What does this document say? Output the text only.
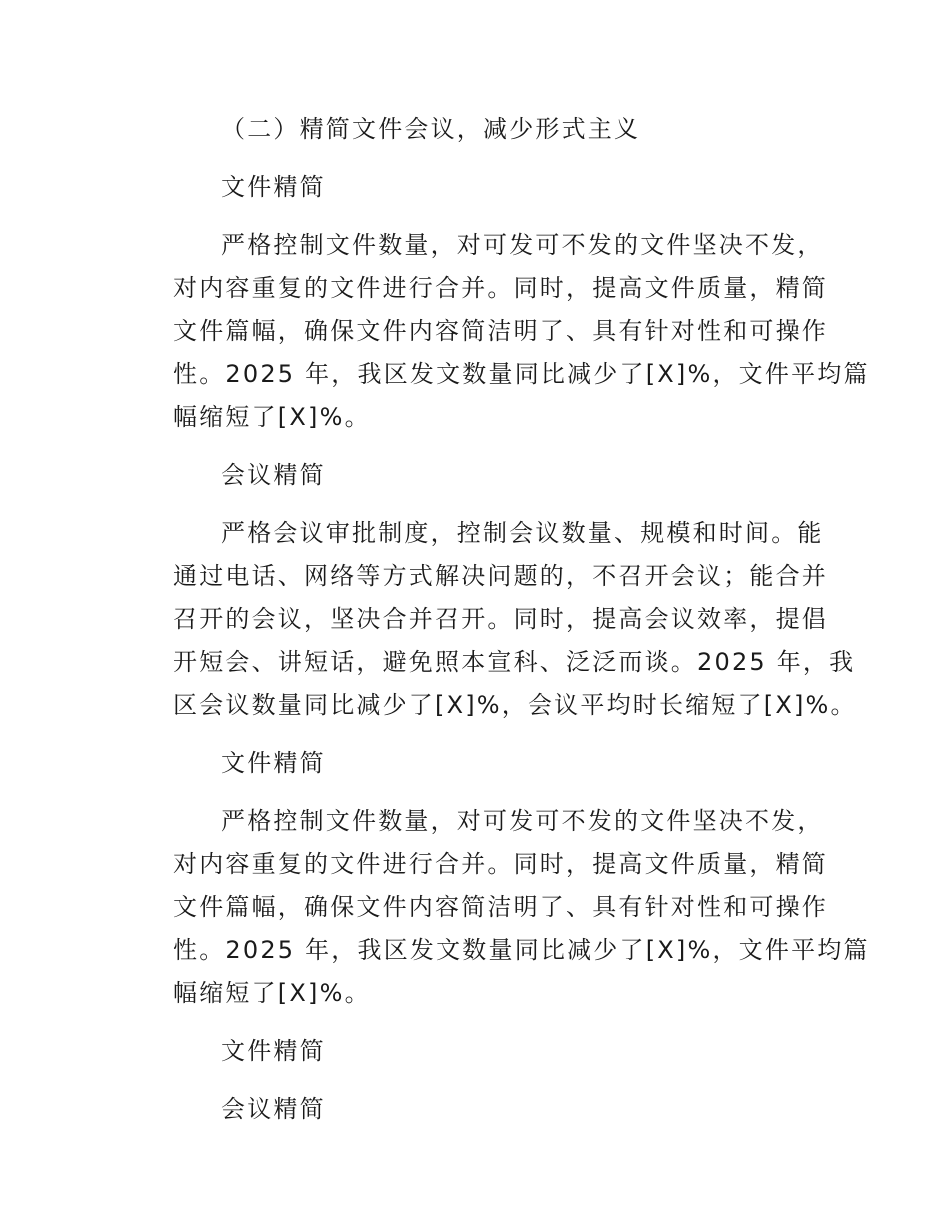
（二）精简文件会议，减少形式主义
文件精简
严格控制文件数量，对可发可不发的文件坚决不发，
对内容重复的文件进行合并。同时，提高文件质量，精简
文件篇幅，确保文件内容简洁明了、具有针对性和可操作
性。2025 年，我区发文数量同比减少了[X]%，文件平均篇
幅缩短了[X]%。
会议精简
严格会议审批制度，控制会议数量、规模和时间。能
通过电话、网络等方式解决问题的，不召开会议；能合并
召开的会议，坚决合并召开。同时，提高会议效率，提倡
开短会、讲短话，避免照本宣科、泛泛而谈。2025 年，我
区会议数量同比减少了[X]%，会议平均时长缩短了[X]%。
文件精简
严格控制文件数量，对可发可不发的文件坚决不发，
对内容重复的文件进行合并。同时，提高文件质量，精简
文件篇幅，确保文件内容简洁明了、具有针对性和可操作
性。2025 年，我区发文数量同比减少了[X]%，文件平均篇
幅缩短了[X]%。
文件精简
会议精简
